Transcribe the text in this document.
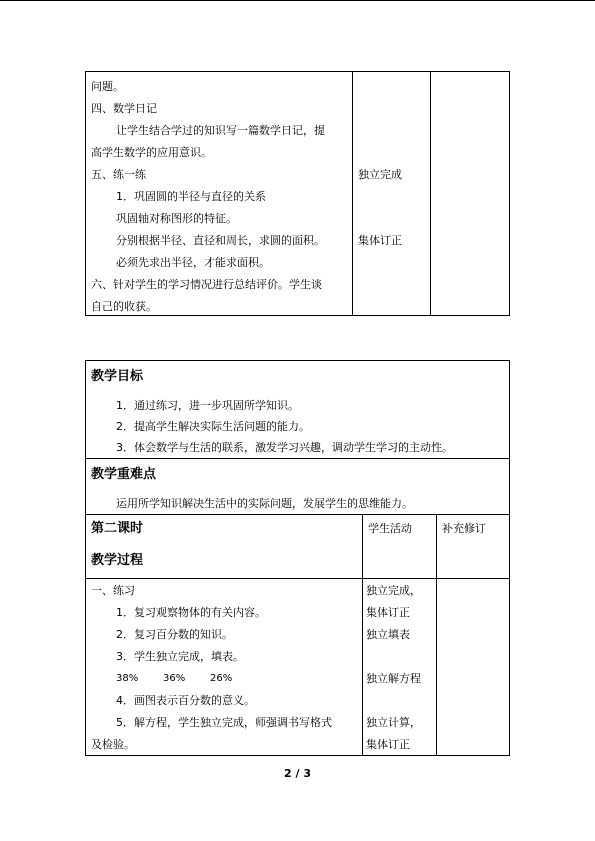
问题。
四、数学日记
让学生结合学过的知识写一篇数学日记，提
高学生数学的应用意识。
五、练一练
1．巩固圆的半径与直径的关系
巩固轴对称图形的特征。
分别根据半径、直径和周长，求圆的面积。
必须先求出半径，才能求面积。
六、针对学生的学习情况进行总结评价。学生谈
自己的收获。
独立完成
集体订正
教学目标
1．通过练习，进一步巩固所学知识。
2．提高学生解决实际生活问题的能力。
3．体会数学与生活的联系，激发学习兴趣，调动学生学习的主动性。
教学重难点
运用所学知识解决生活中的实际问题，发展学生的思维能力。
第二课时
教学过程
学生活动	补充修订
一、练习
1．复习观察物体的有关内容。
2．复习百分数的知识。
3．学生独立完成，填表。
38% 36% 26%
4．画图表示百分数的意义。
5．解方程，学生独立完成，师强调书写格式
及检验。
独立完成，
集体订正
独立填表
独立解方程
独立计算，
集体订正
2 / 3
